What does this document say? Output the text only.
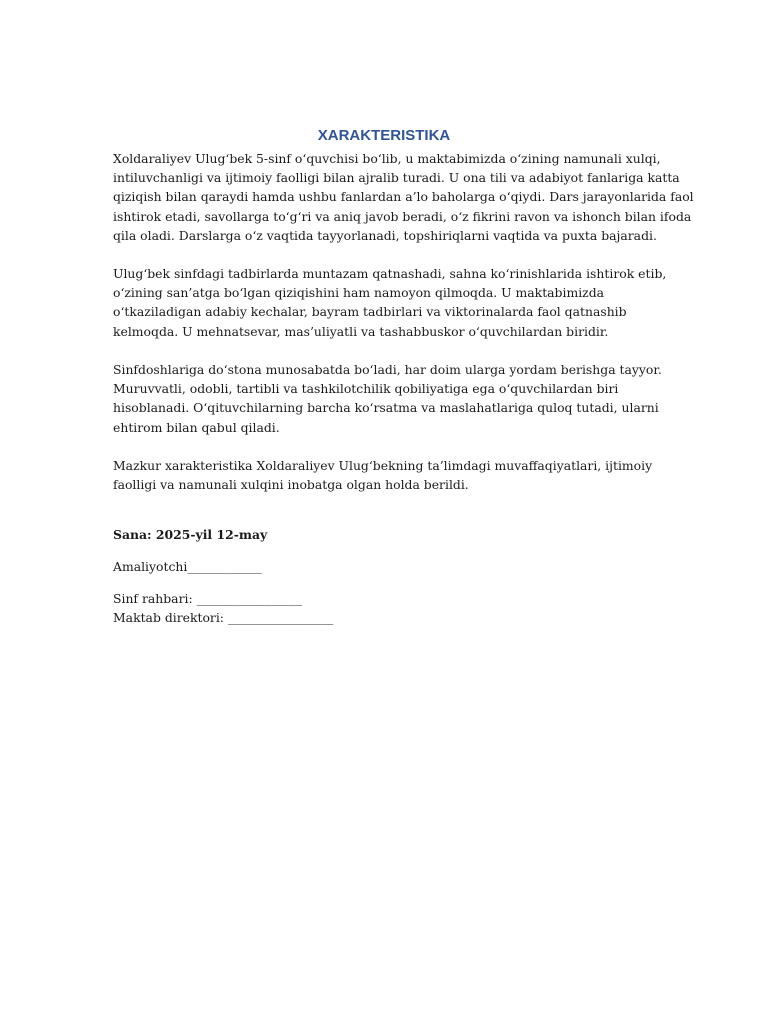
XARAKTERISTIKA
Xoldaraliyev Ulugʻbek 5-sinf oʻquvchisi boʻlib, u maktabimizda oʻzining namunali xulqi,
intiluvchanligi va ijtimoiy faolligi bilan ajralib turadi. U ona tili va adabiyot fanlariga katta
qiziqish bilan qaraydi hamda ushbu fanlardan a’lo baholarga oʻqiydi. Dars jarayonlarida faol
ishtirok etadi, savollarga toʻgʻri va aniq javob beradi, oʻz fikrini ravon va ishonch bilan ifoda
qila oladi. Darslarga oʻz vaqtida tayyorlanadi, topshiriqlarni vaqtida va puxta bajaradi.
Ulugʻbek sinfdagi tadbirlarda muntazam qatnashadi, sahna koʻrinishlarida ishtirok etib,
oʻzining san’atga boʻlgan qiziqishini ham namoyon qilmoqda. U maktabimizda
oʻtkaziladigan adabiy kechalar, bayram tadbirlari va viktorinalarda faol qatnashib
kelmoqda. U mehnatsevar, mas’uliyatli va tashabbuskor oʻquvchilardan biridir.
Sinfdoshlariga doʻstona munosabatda boʻladi, har doim ularga yordam berishga tayyor.
Muruvvatli, odobli, tartibli va tashkilotchilik qobiliyatiga ega oʻquvchilardan biri
hisoblanadi. Oʻqituvchilarning barcha koʻrsatma va maslahatlariga quloq tutadi, ularni
ehtirom bilan qabul qiladi.
Mazkur xarakteristika Xoldaraliyev Ulugʻbekning ta’limdagi muvaffaqiyatlari, ijtimoiy
faolligi va namunali xulqini inobatga olgan holda berildi.
Sana: 2025-yil 12-may
Amaliyotchi____________
Sinf rahbari: _________________
Maktab direktori: _________________
